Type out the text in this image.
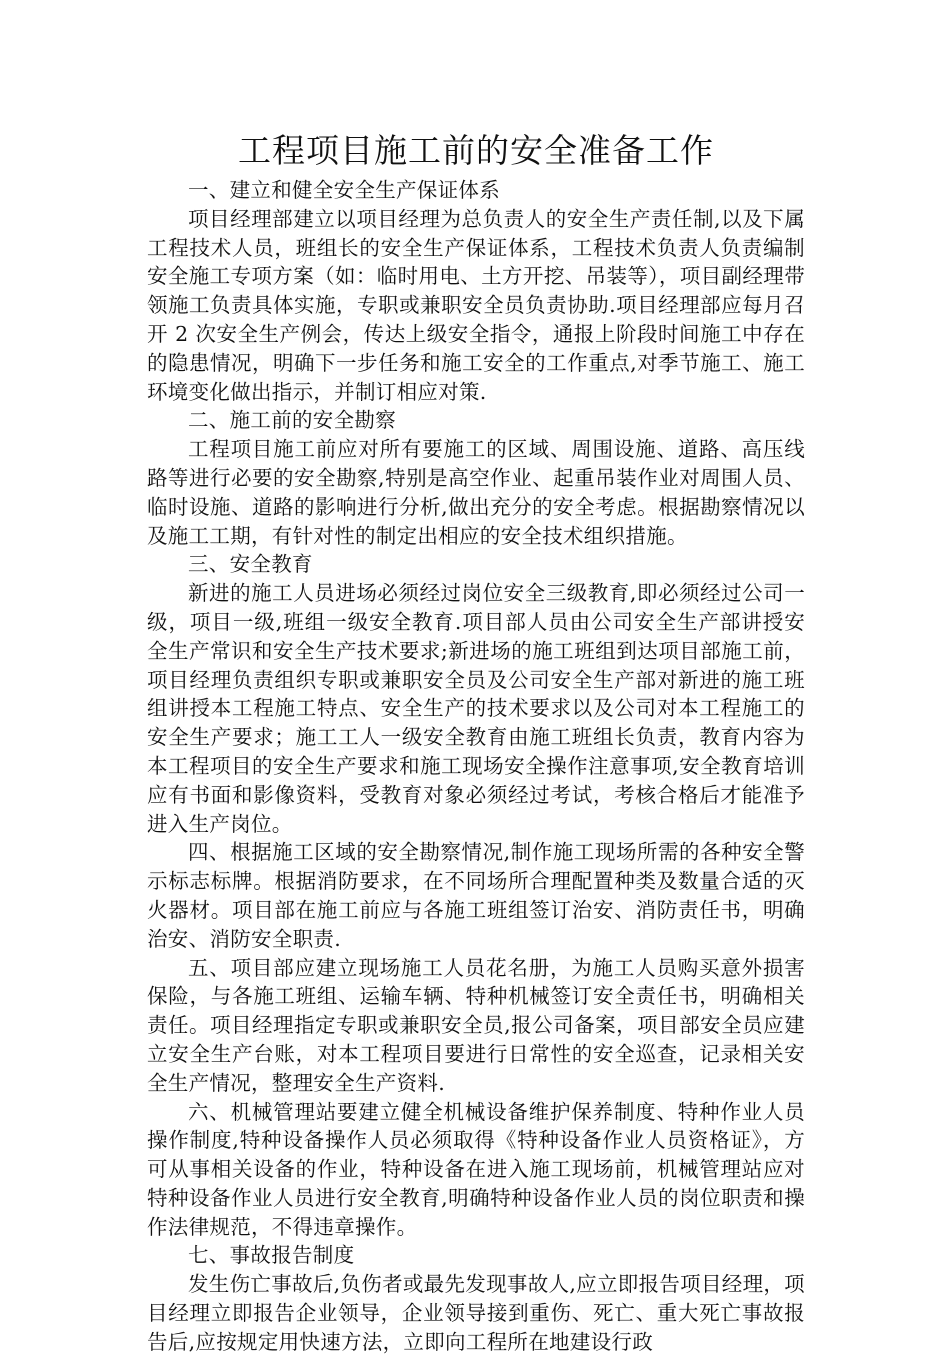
工程项目施工前的安全准备工作

一、建立和健全安全生产保证体系

项目经理部建立以项目经理为总负责人的安全生产责任制,以及下属工程技术人员，班组长的安全生产保证体系，工程技术负责人负责编制安全施工专项方案（如：临时用电、土方开挖、吊装等），项目副经理带领施工负责具体实施，专职或兼职安全员负责协助.项目经理部应每月召开 2 次安全生产例会，传达上级安全指令，通报上阶段时间施工中存在的隐患情况，明确下一步任务和施工安全的工作重点,对季节施工、施工环境变化做出指示，并制订相应对策.

二、施工前的安全勘察

工程项目施工前应对所有要施工的区域、周围设施、道路、高压线路等进行必要的安全勘察,特别是高空作业、起重吊装作业对周围人员、临时设施、道路的影响进行分析,做出充分的安全考虑。根据勘察情况以及施工工期，有针对性的制定出相应的安全技术组织措施。

三、安全教育

新进的施工人员进场必须经过岗位安全三级教育,即必须经过公司一级，项目一级,班组一级安全教育.项目部人员由公司安全生产部讲授安全生产常识和安全生产技术要求;新进场的施工班组到达项目部施工前，项目经理负责组织专职或兼职安全员及公司安全生产部对新进的施工班组讲授本工程施工特点、安全生产的技术要求以及公司对本工程施工的安全生产要求；施工工人一级安全教育由施工班组长负责，教育内容为本工程项目的安全生产要求和施工现场安全操作注意事项,安全教育培训应有书面和影像资料，受教育对象必须经过考试，考核合格后才能准予进入生产岗位。

四、根据施工区域的安全勘察情况,制作施工现场所需的各种安全警示标志标牌。根据消防要求，在不同场所合理配置种类及数量合适的灭火器材。项目部在施工前应与各施工班组签订治安、消防责任书，明确治安、消防安全职责.

五、项目部应建立现场施工人员花名册，为施工人员购买意外损害保险，与各施工班组、运输车辆、特种机械签订安全责任书，明确相关责任。项目经理指定专职或兼职安全员,报公司备案，项目部安全员应建立安全生产台账，对本工程项目要进行日常性的安全巡查，记录相关安全生产情况，整理安全生产资料.

六、机械管理站要建立健全机械设备维护保养制度、特种作业人员操作制度,特种设备操作人员必须取得《特种设备作业人员资格证》，方可从事相关设备的作业，特种设备在进入施工现场前，机械管理站应对特种设备作业人员进行安全教育,明确特种设备作业人员的岗位职责和操作法律规范，不得违章操作。

七、事故报告制度

发生伤亡事故后,负伤者或最先发现事故人,应立即报告项目经理，项目经理立即报告企业领导，企业领导接到重伤、死亡、重大死亡事故报告后,应按规定用快速方法，立即向工程所在地建设行政
